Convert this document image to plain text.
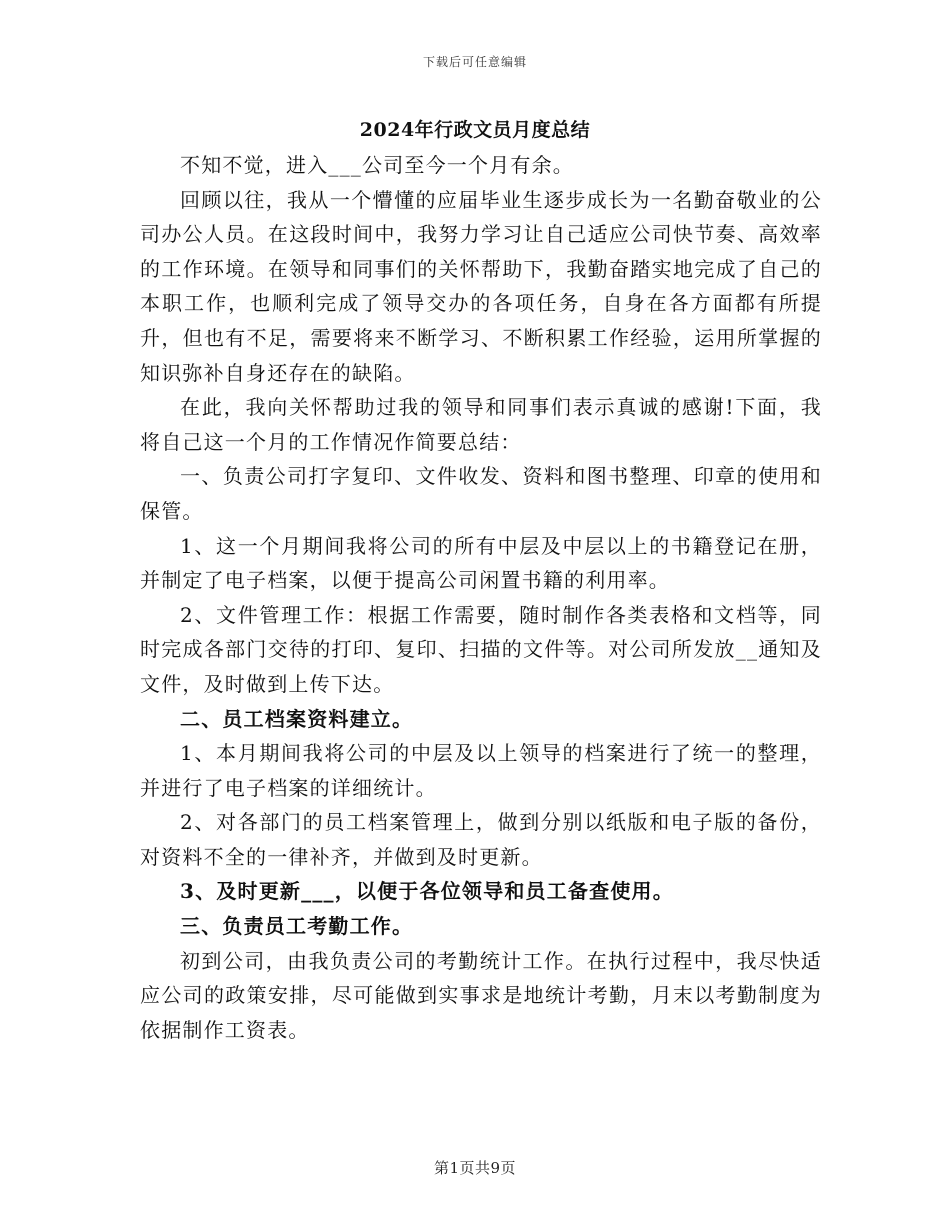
下载后可任意编辑
2024年行政文员月度总结

不知不觉，进入___公司至今一个月有余。

回顾以往，我从一个懵懂的应届毕业生逐步成长为一名勤奋敬业的公司办公人员。在这段时间中，我努力学习让自己适应公司快节奏、高效率的工作环境。在领导和同事们的关怀帮助下，我勤奋踏实地完成了自己的本职工作，也顺利完成了领导交办的各项任务，自身在各方面都有所提升，但也有不足，需要将来不断学习、不断积累工作经验，运用所掌握的知识弥补自身还存在的缺陷。

在此，我向关怀帮助过我的领导和同事们表示真诚的感谢!下面，我将自己这一个月的工作情况作简要总结：

一、负责公司打字复印、文件收发、资料和图书整理、印章的使用和保管。

1、这一个月期间我将公司的所有中层及中层以上的书籍登记在册，并制定了电子档案，以便于提高公司闲置书籍的利用率。

2、文件管理工作：根据工作需要，随时制作各类表格和文档等，同时完成各部门交待的打印、复印、扫描的文件等。对公司所发放__通知及文件，及时做到上传下达。

二、员工档案资料建立。

1、本月期间我将公司的中层及以上领导的档案进行了统一的整理，并进行了电子档案的详细统计。

2、对各部门的员工档案管理上，做到分别以纸版和电子版的备份，对资料不全的一律补齐，并做到及时更新。

3、及时更新___，以便于各位领导和员工备查使用。

三、负责员工考勤工作。

初到公司，由我负责公司的考勤统计工作。在执行过程中，我尽快适应公司的政策安排，尽可能做到实事求是地统计考勤，月末以考勤制度为依据制作工资表。

第1页共9页
